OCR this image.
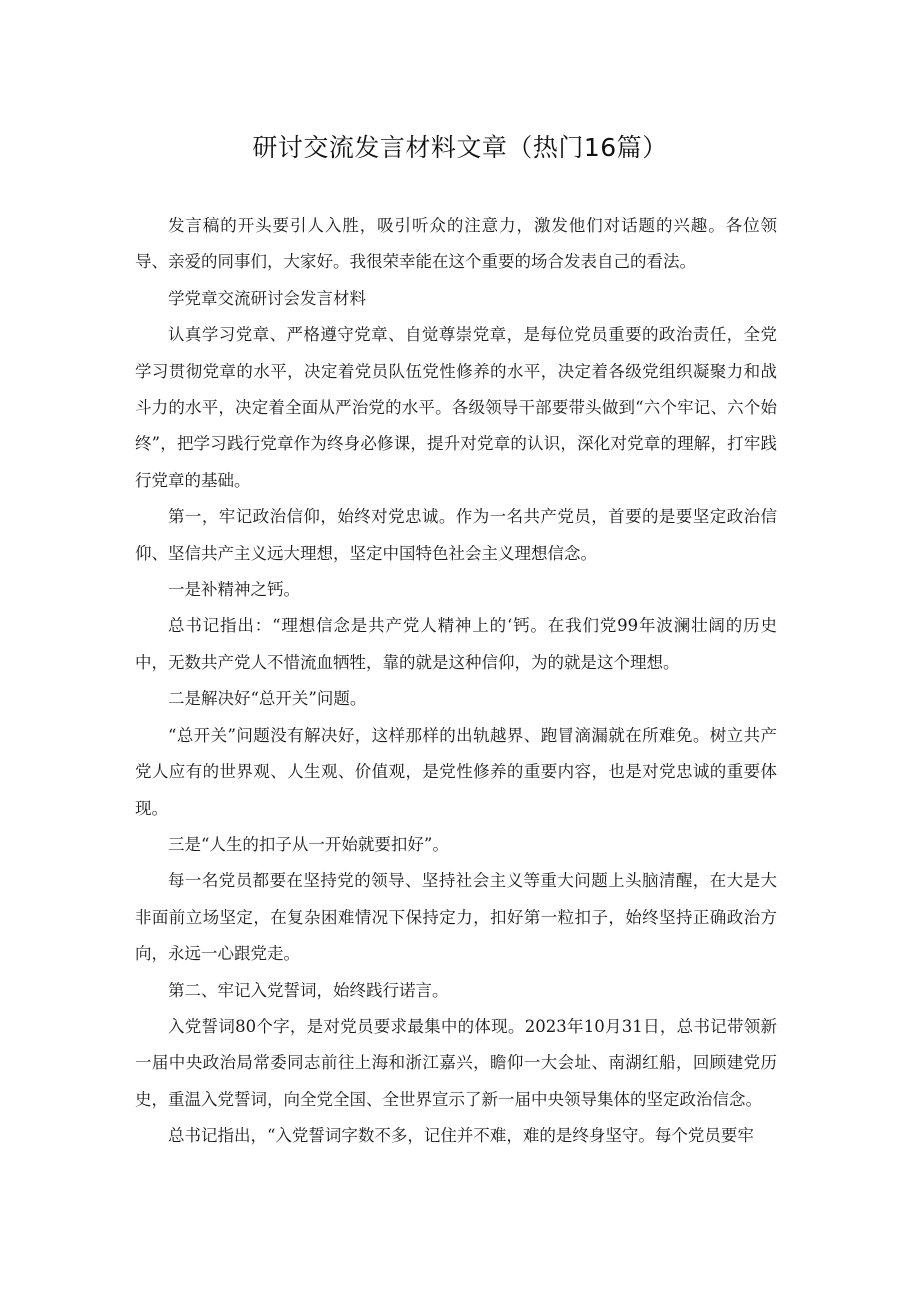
研讨交流发言材料文章（热门16篇）

发言稿的开头要引人入胜，吸引听众的注意力，激发他们对话题的兴趣。各位领导、亲爱的同事们，大家好。我很荣幸能在这个重要的场合发表自己的看法。

学党章交流研讨会发言材料

认真学习党章、严格遵守党章、自觉尊崇党章，是每位党员重要的政治责任，全党学习贯彻党章的水平，决定着党员队伍党性修养的水平，决定着各级党组织凝聚力和战斗力的水平，决定着全面从严治党的水平。各级领导干部要带头做到“六个牢记、六个始终”，把学习践行党章作为终身必修课，提升对党章的认识，深化对党章的理解，打牢践行党章的基础。

第一，牢记政治信仰，始终对党忠诚。作为一名共产党员，首要的是要坚定政治信仰、坚信共产主义远大理想，坚定中国特色社会主义理想信念。

一是补精神之钙。

总书记指出：“理想信念是共产党人精神上的‘钙。在我们党99年波澜壮阔的历史中，无数共产党人不惜流血牺牲，靠的就是这种信仰，为的就是这个理想。

二是解决好“总开关”问题。

“总开关”问题没有解决好，这样那样的出轨越界、跑冒滴漏就在所难免。树立共产党人应有的世界观、人生观、价值观，是党性修养的重要内容，也是对党忠诚的重要体现。

三是“人生的扣子从一开始就要扣好”。

每一名党员都要在坚持党的领导、坚持社会主义等重大问题上头脑清醒，在大是大非面前立场坚定，在复杂困难情况下保持定力，扣好第一粒扣子，始终坚持正确政治方向，永远一心跟党走。

第二、牢记入党誓词，始终践行诺言。

入党誓词80个字，是对党员要求最集中的体现。2023年10月31日，总书记带领新一届中央政治局常委同志前往上海和浙江嘉兴，瞻仰一大会址、南湖红船，回顾建党历史，重温入党誓词，向全党全国、全世界宣示了新一届中央领导集体的坚定政治信念。

总书记指出，“入党誓词字数不多，记住并不难，难的是终身坚守。每个党员要牢
